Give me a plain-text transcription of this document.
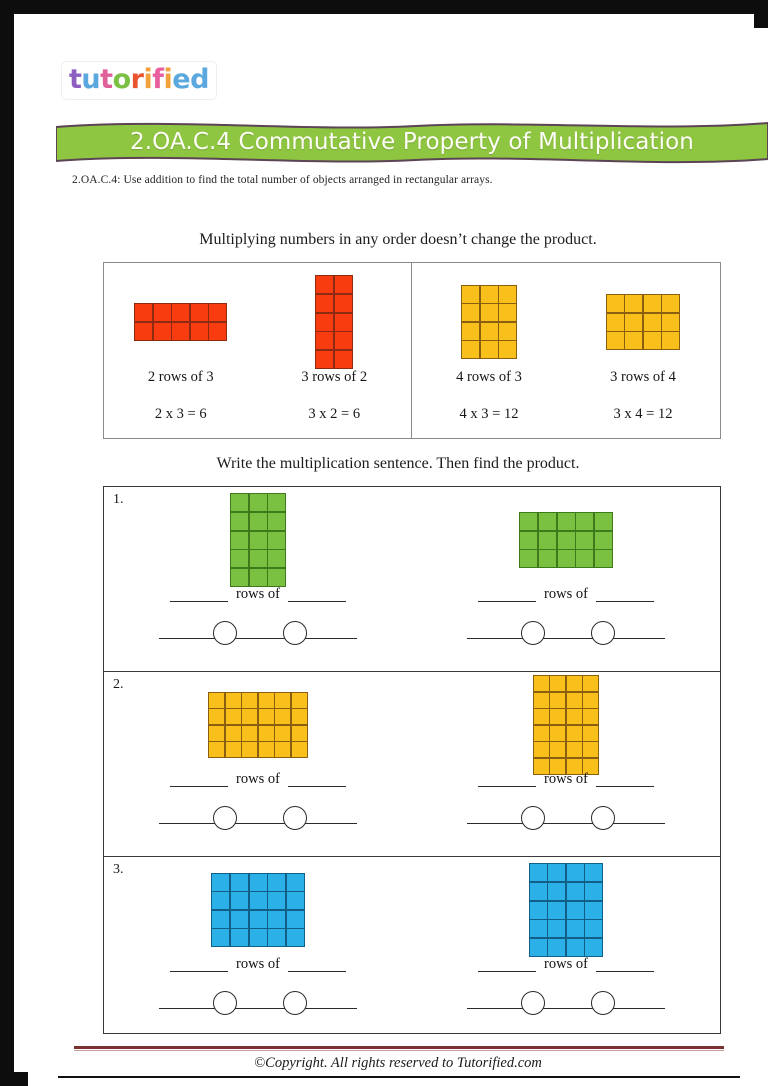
tutorified
2.OA.C.4 Commutative Property of Multiplication
2.OA.C.4: Use addition to find the total number of objects arranged in rectangular arrays.
Multiplying numbers in any order doesn’t change the product.
2 rows of 3
2 x 3 = 6
3 rows of 2
3 x 2 = 6
4 rows of 3
4 x 3 = 12
3 rows of 4
3 x 4 = 12
Write the multiplication sentence. Then find the product.
1.
rows of	rows of
2.
rows of	rows of
3.
rows of	rows of
©Copyright. All rights reserved to Tutorified.com
